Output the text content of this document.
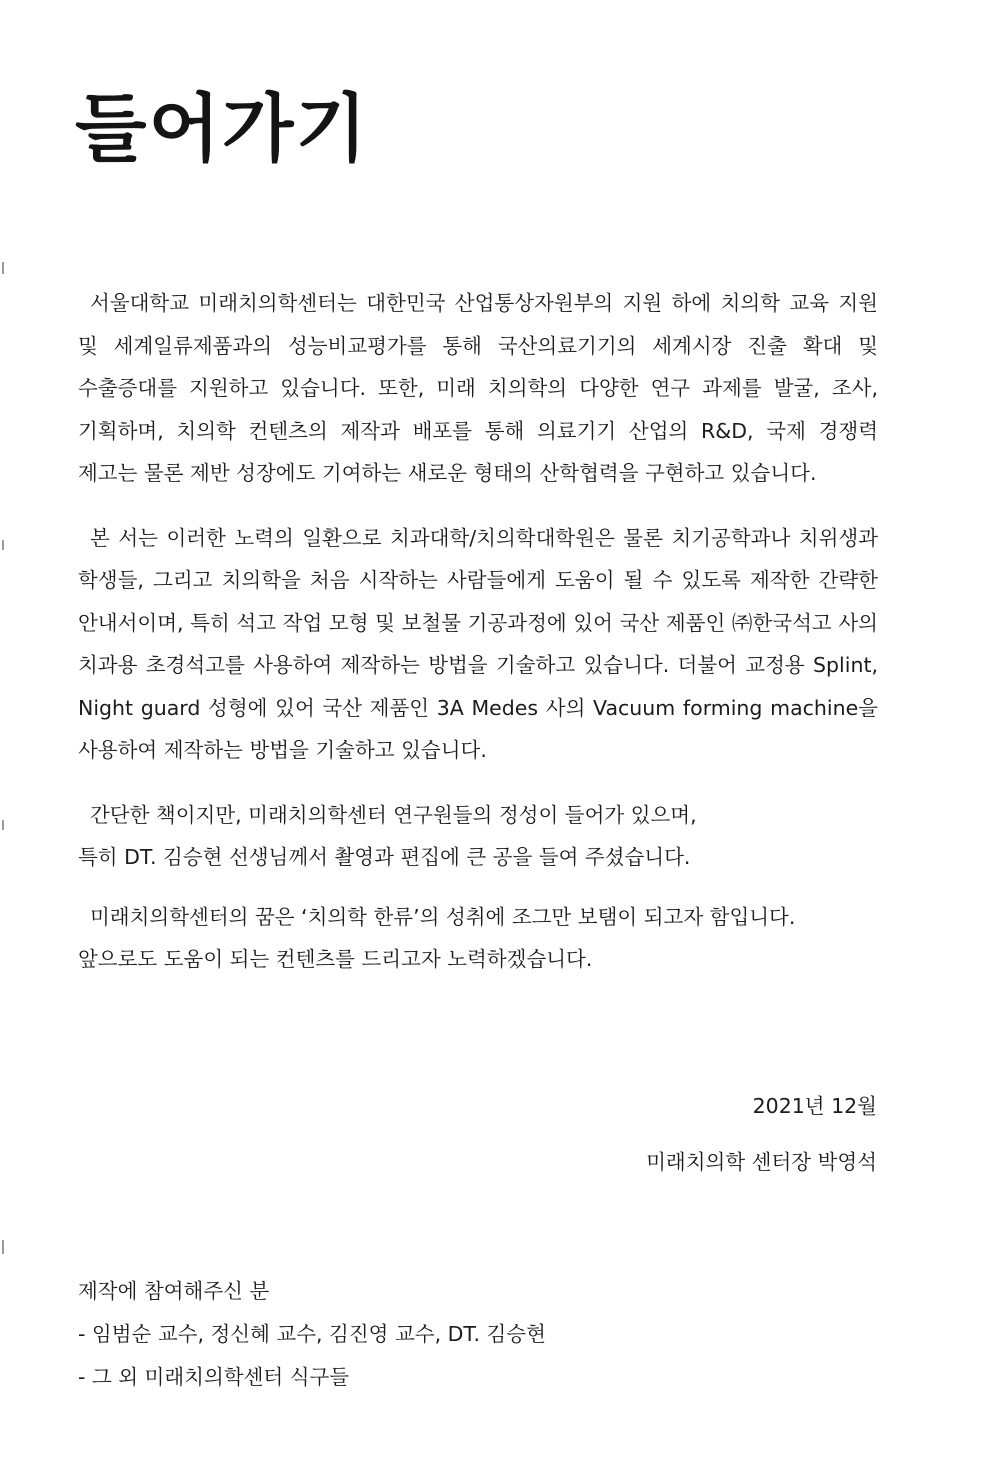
들어가기

서울대학교 미래치의학센터는 대한민국 산업통상자원부의 지원 하에 치의학 교육 지원 및 세계일류제품과의 성능비교평가를 통해 국산의료기기의 세계시장 진출 확대 및 수출증대를 지원하고 있습니다. 또한, 미래 치의학의 다양한 연구 과제를 발굴, 조사, 기획하며, 치의학 컨텐츠의 제작과 배포를 통해 의료기기 산업의 R&D, 국제 경쟁력 제고는 물론 제반 성장에도 기여하는 새로운 형태의 산학협력을 구현하고 있습니다.

본 서는 이러한 노력의 일환으로 치과대학/치의학대학원은 물론 치기공학과나 치위생과 학생들, 그리고 치의학을 처음 시작하는 사람들에게 도움이 될 수 있도록 제작한 간략한 안내서이며, 특히 석고 작업 모형 및 보철물 기공과정에 있어 국산 제품인 ㈜한국석고 사의 치과용 초경석고를 사용하여 제작하는 방법을 기술하고 있습니다. 더불어 교정용 Splint, Night guard 성형에 있어 국산 제품인 3A Medes 사의 Vacuum forming machine을 사용하여 제작하는 방법을 기술하고 있습니다.

간단한 책이지만, 미래치의학센터 연구원들의 정성이 들어가 있으며,
특히 DT. 김승현 선생님께서 촬영과 편집에 큰 공을 들여 주셨습니다.
미래치의학센터의 꿈은 ‘치의학 한류’의 성취에 조그만 보탬이 되고자 함입니다.
앞으로도 도움이 되는 컨텐츠를 드리고자 노력하겠습니다.
2021년 12월
미래치의학 센터장 박영석
제작에 참여해주신 분
- 임범순 교수, 정신혜 교수, 김진영 교수, DT. 김승현
- 그 외 미래치의학센터 식구들
